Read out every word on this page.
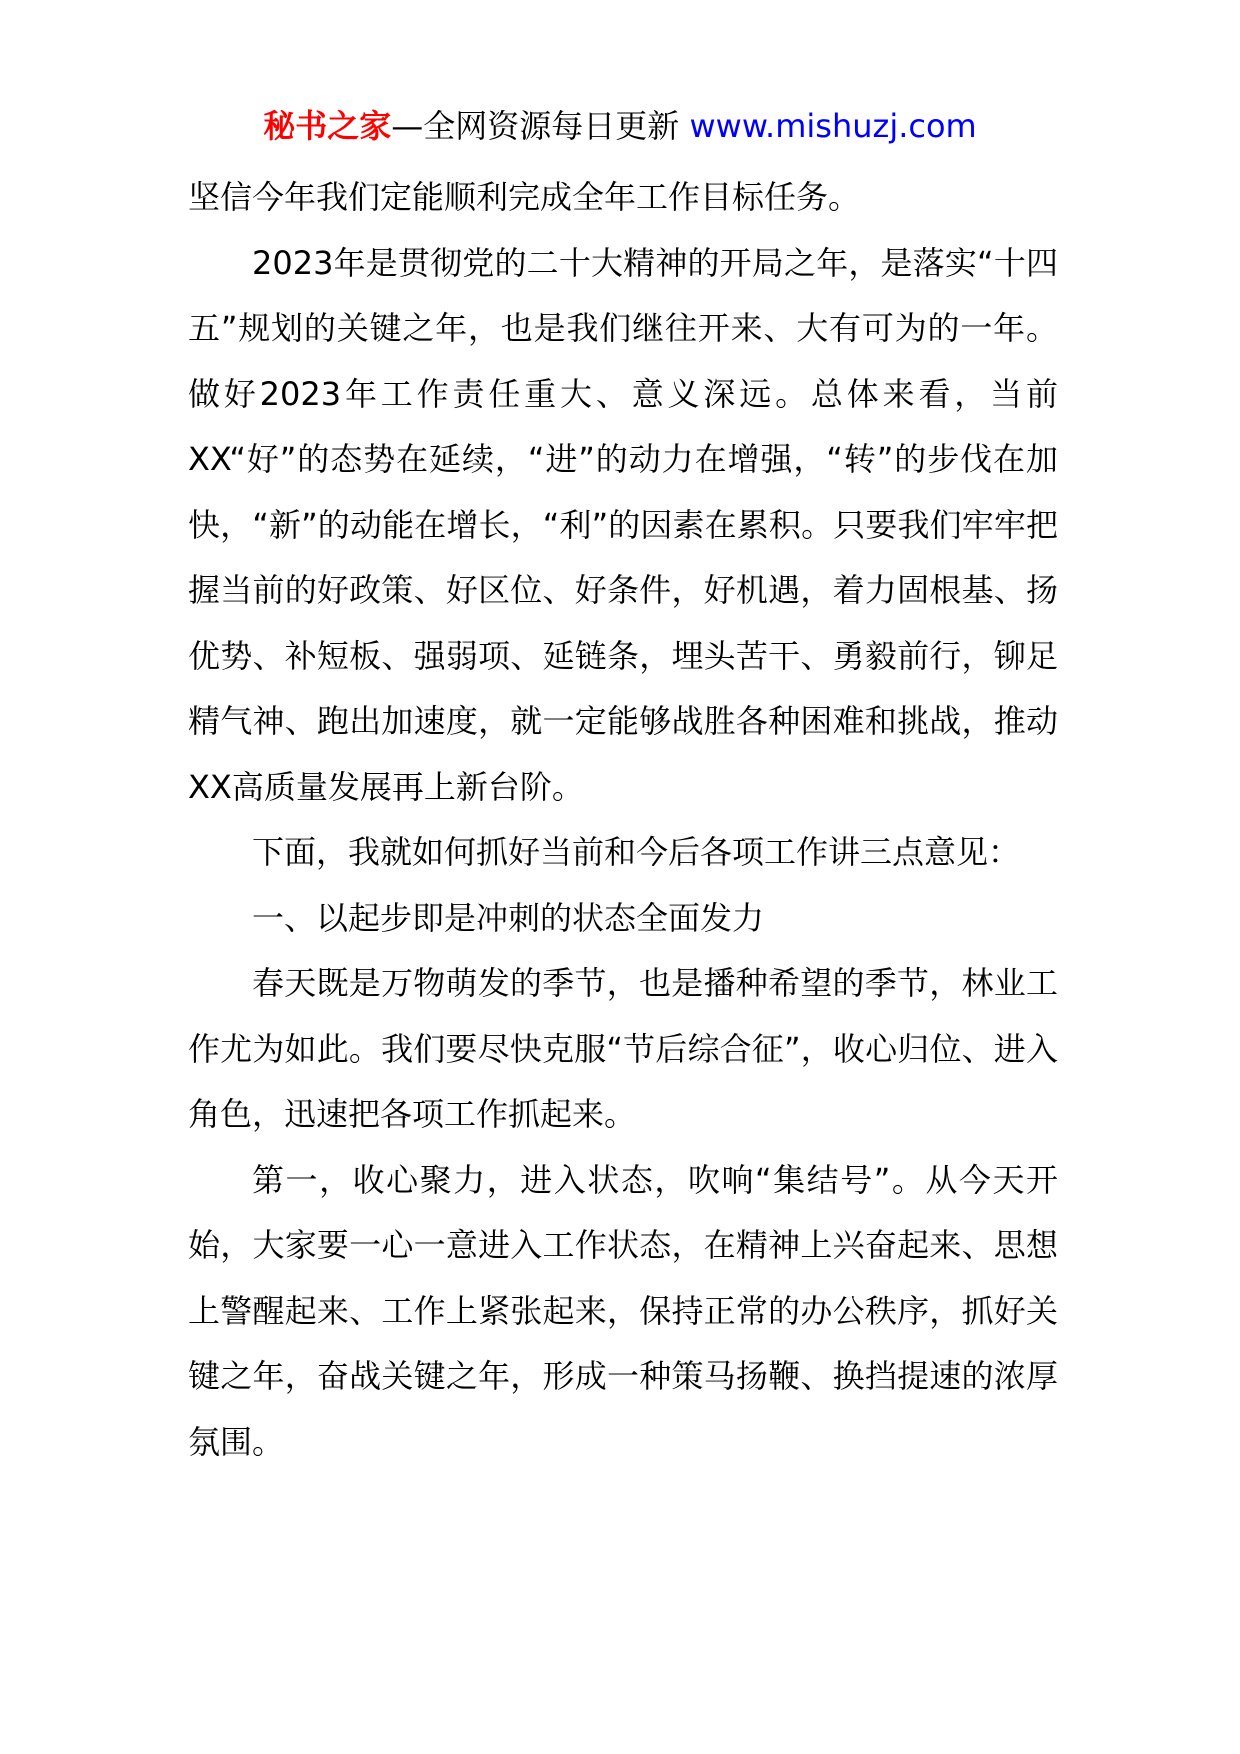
秘书之家—全网资源每日更新 www.mishuzj.com

坚信今年我们定能顺利完成全年工作目标任务。

2023年是贯彻党的二十大精神的开局之年，是落实“十四五”规划的关键之年，也是我们继往开来、大有可为的一年。做好2023年工作责任重大、意义深远。总体来看，当前XX“好”的态势在延续，“进”的动力在增强，“转”的步伐在加快，“新”的动能在增长，“利”的因素在累积。只要我们牢牢把握当前的好政策、好区位、好条件，好机遇，着力固根基、扬优势、补短板、强弱项、延链条，埋头苦干、勇毅前行，铆足精气神、跑出加速度，就一定能够战胜各种困难和挑战，推动XX高质量发展再上新台阶。

下面，我就如何抓好当前和今后各项工作讲三点意见：

一、以起步即是冲刺的状态全面发力

春天既是万物萌发的季节，也是播种希望的季节，林业工作尤为如此。我们要尽快克服“节后综合征”，收心归位、进入角色，迅速把各项工作抓起来。

第一，收心聚力，进入状态，吹响“集结号”。从今天开始，大家要一心一意进入工作状态，在精神上兴奋起来、思想上警醒起来、工作上紧张起来，保持正常的办公秩序，抓好关键之年，奋战关键之年，形成一种策马扬鞭、换挡提速的浓厚氛围。
